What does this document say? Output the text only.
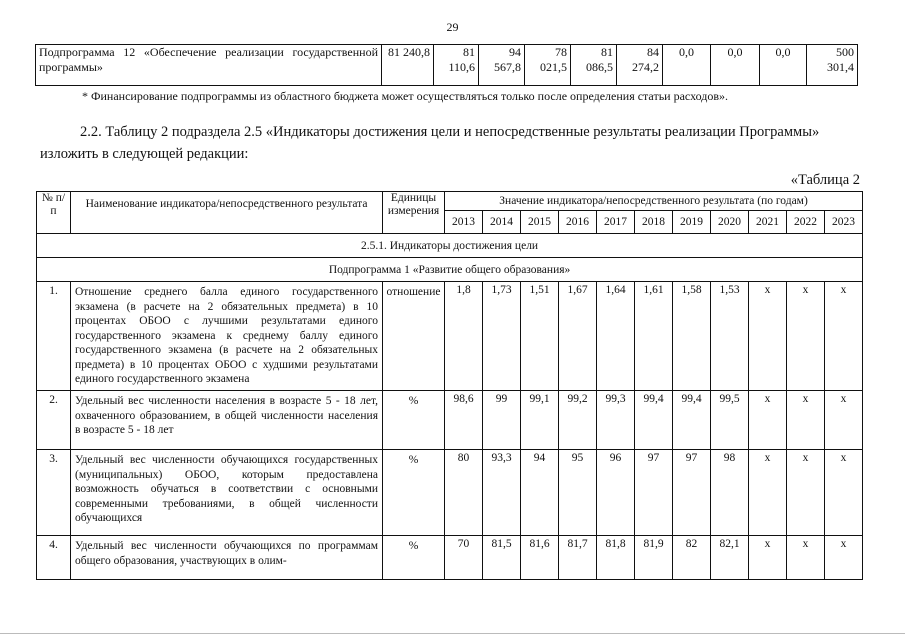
29
Подпрограмма 12 «Обеспечение реализации государственной программы»	81 240,8	81 110,6	94 567,8	78 021,5	81 086,5	84 274,2	0,0	0,0	0,0	500 301,4
* Финансирование подпрограммы из областного бюджета может осуществляться только после определения статьи расходов».
2.2. Таблицу 2 подраздела 2.5 «Индикаторы достижения цели и непосредственные результаты реализации Программы» изложить в следующей редакции:
«Таблица 2
№ п/п	Наименование индикатора/непосредственного результата	Единицы измерения	Значение индикатора/непосредственного результата (по годам)										
			2013	2014	2015	2016	2017	2018	2019	2020	2021	2022	2023
2.5.1. Индикаторы достижения цели													
Подпрограмма 1 «Развитие общего образования»													
1.	Отношение среднего балла единого государственного экзамена (в расчете на 2 обязательных предмета) в 10 процентах ОБОО с лучшими результатами единого государственного экзамена к среднему баллу единого государственного экзамена (в расчете на 2 обязательных предмета) в 10 процентах ОБОО с худшими результатами единого государственного экзамена	отношение	1,8	1,73	1,51	1,67	1,64	1,61	1,58	1,53	x	x	x
2.	Удельный вес численности населения в возрасте 5 - 18 лет, охваченного образованием, в общей численности населения в возрасте 5 - 18 лет	%	98,6	99	99,1	99,2	99,3	99,4	99,4	99,5	x	x	x
3.	Удельный вес численности обучающихся государственных (муниципальных) ОБОО, которым предоставлена возможность обучаться в соответствии с основными современными требованиями, в общей численности обучающихся	%	80	93,3	94	95	96	97	97	98	x	x	x
4.	Удельный вес численности обучающихся по программам общего образования, участвующих в олим-	%	70	81,5	81,6	81,7	81,8	81,9	82	82,1	x	x	x
